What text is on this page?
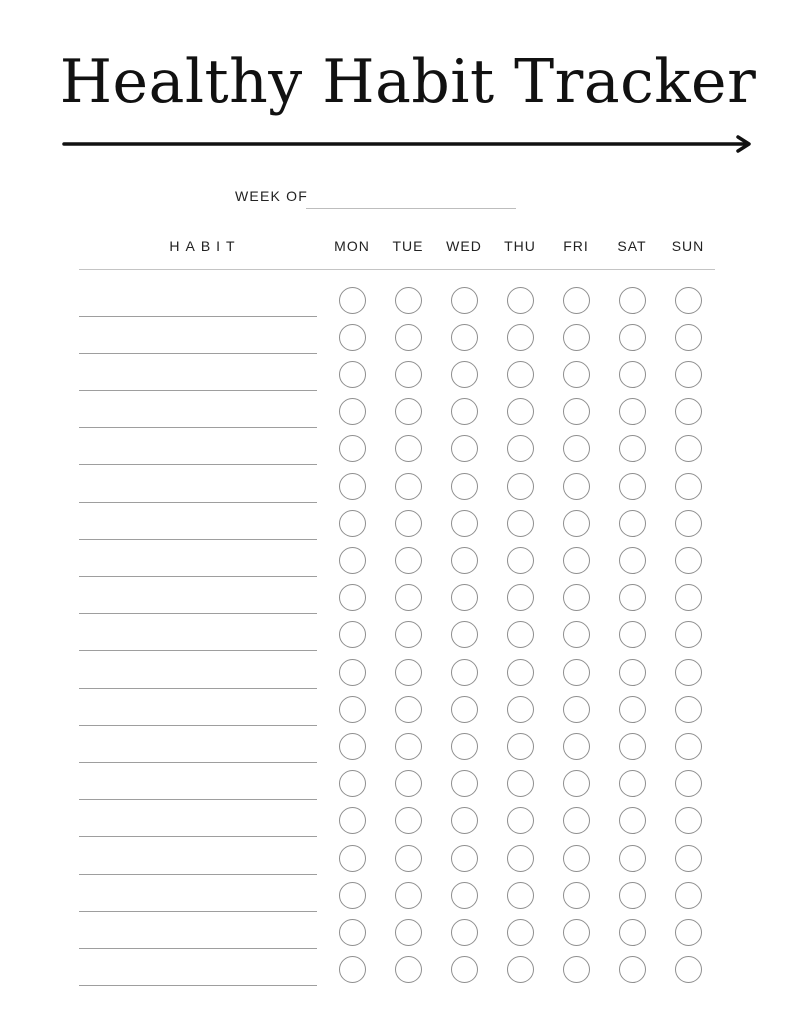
Healthy Habit Tracker
WEEK OF
HABIT	MON	TUE	WED	THU	FRI	SAT	SUN
